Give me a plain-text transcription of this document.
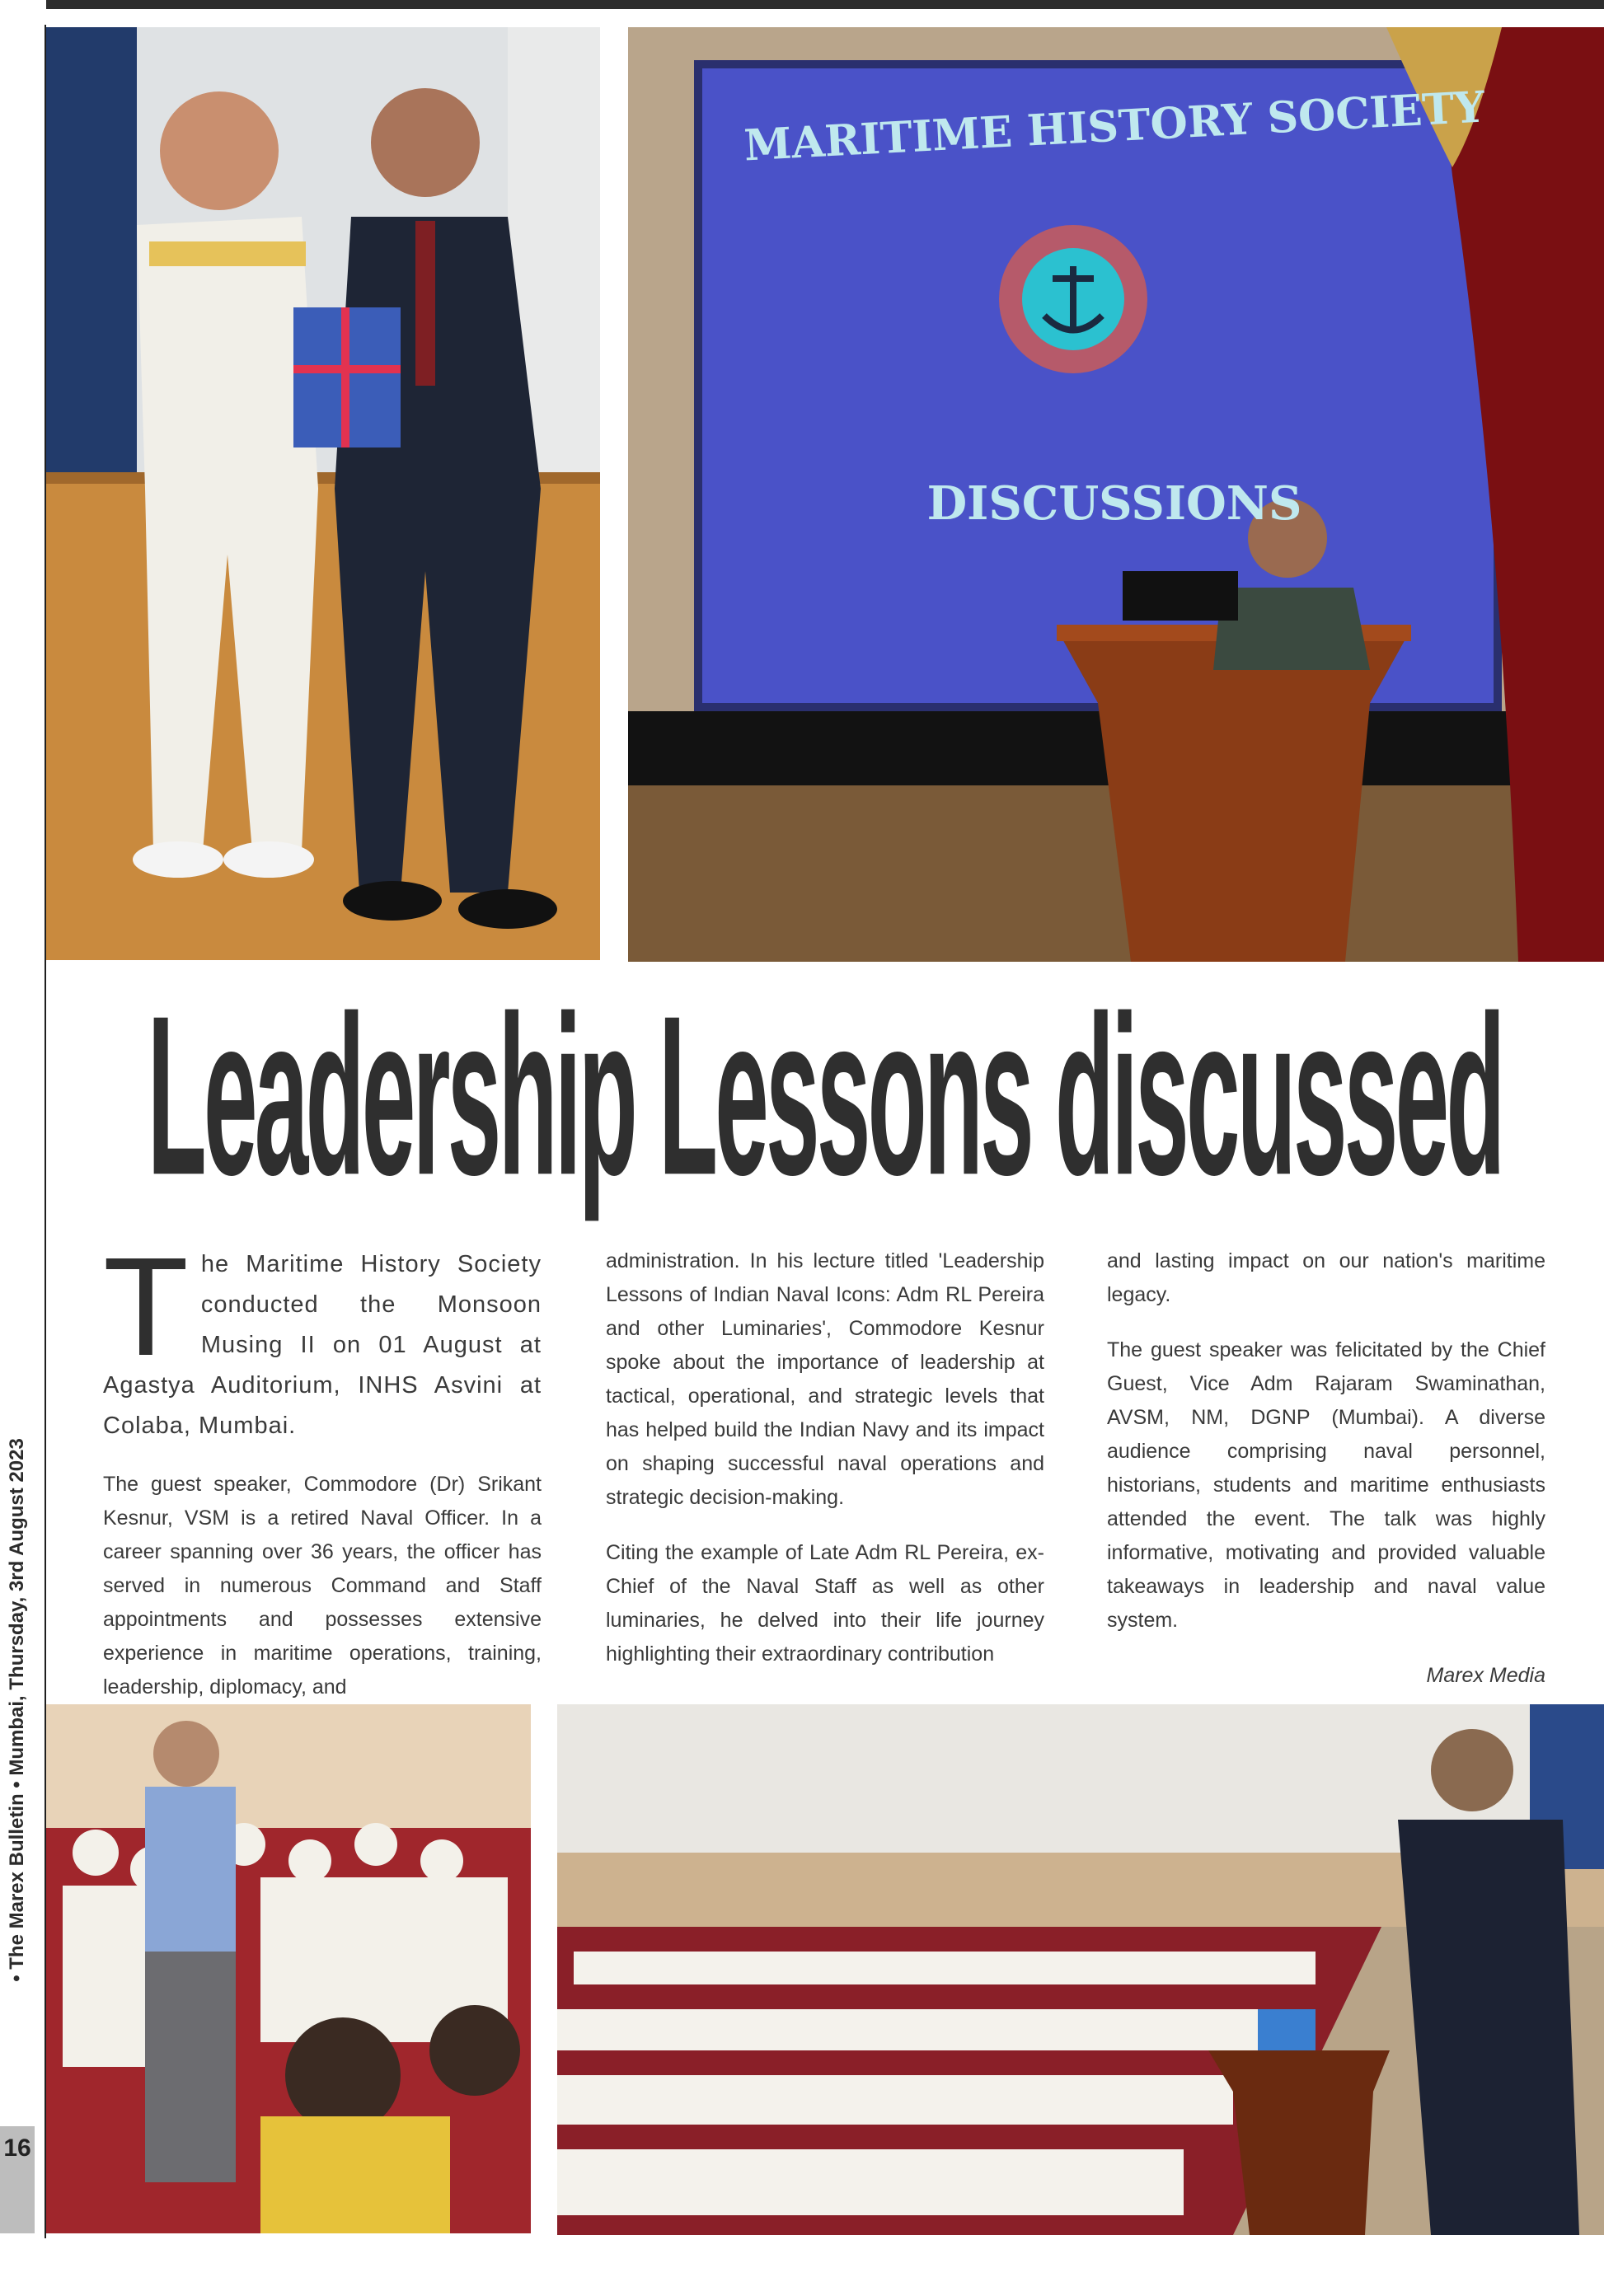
MARITIME HISTORY SOCIETY
DISCUSSIONS
Leadership Lessons discussed

The Maritime History Society conducted the Monsoon Musing II on 01 August at Agastya Auditorium, INHS Asvini at Colaba, Mumbai.

The guest speaker, Commodore (Dr) Srikant Kesnur, VSM is a retired Naval Officer. In a career spanning over 36 years, the officer has served in numerous Command and Staff appointments and possesses extensive experience in maritime operations, training, leadership, diplomacy, and

administration. In his lecture titled 'Leadership Lessons of Indian Naval Icons: Adm RL Pereira and other Luminaries', Commodore Kesnur spoke about the importance of leadership at tactical, operational, and strategic levels that has helped build the Indian Navy and its impact on shaping successful naval operations and strategic decision-making.

Citing the example of Late Adm RL Pereira, ex-Chief of the Naval Staff as well as other luminaries, he delved into their life journey highlighting their extraordinary contribution

and lasting impact on our nation's maritime legacy.

The guest speaker was felicitated by the Chief Guest, Vice Adm Rajaram Swaminathan, AVSM, NM, DGNP (Mumbai). A diverse audience comprising naval personnel, historians, students and maritime enthusiasts attended the event. The talk was highly informative, motivating and provided valuable takeaways in leadership and naval value system.

Marex Media

• The Marex Bulletin • Mumbai, Thursday, 3rd August 2023
16
